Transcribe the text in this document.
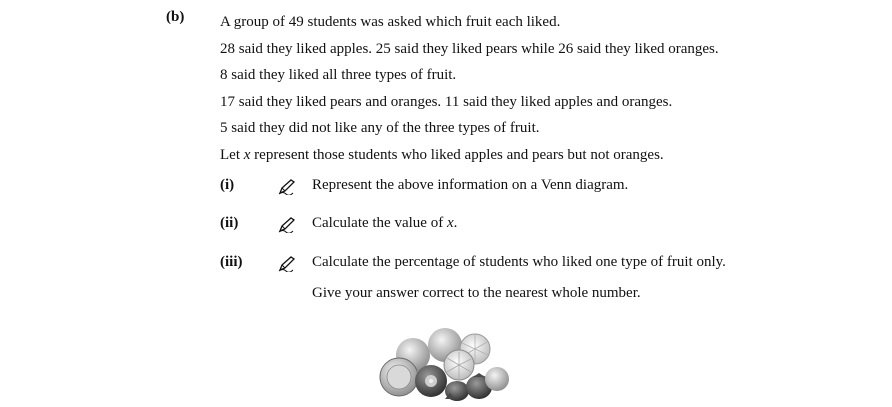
(b) A group of 49 students was asked which fruit each liked.

28 said they liked apples. 25 said they liked pears while 26 said they liked oranges.

8 said they liked all three types of fruit.

17 said they liked pears and oranges. 11 said they liked apples and oranges.

5 said they did not like any of the three types of fruit.

Let x represent those students who liked apples and pears but not oranges.

(i)	Represent the above information on a Venn diagram.
(ii)	Calculate the value of x.
(iii)	Calculate the percentage of students who liked one type of fruit only.
Give your answer correct to the nearest whole number.
